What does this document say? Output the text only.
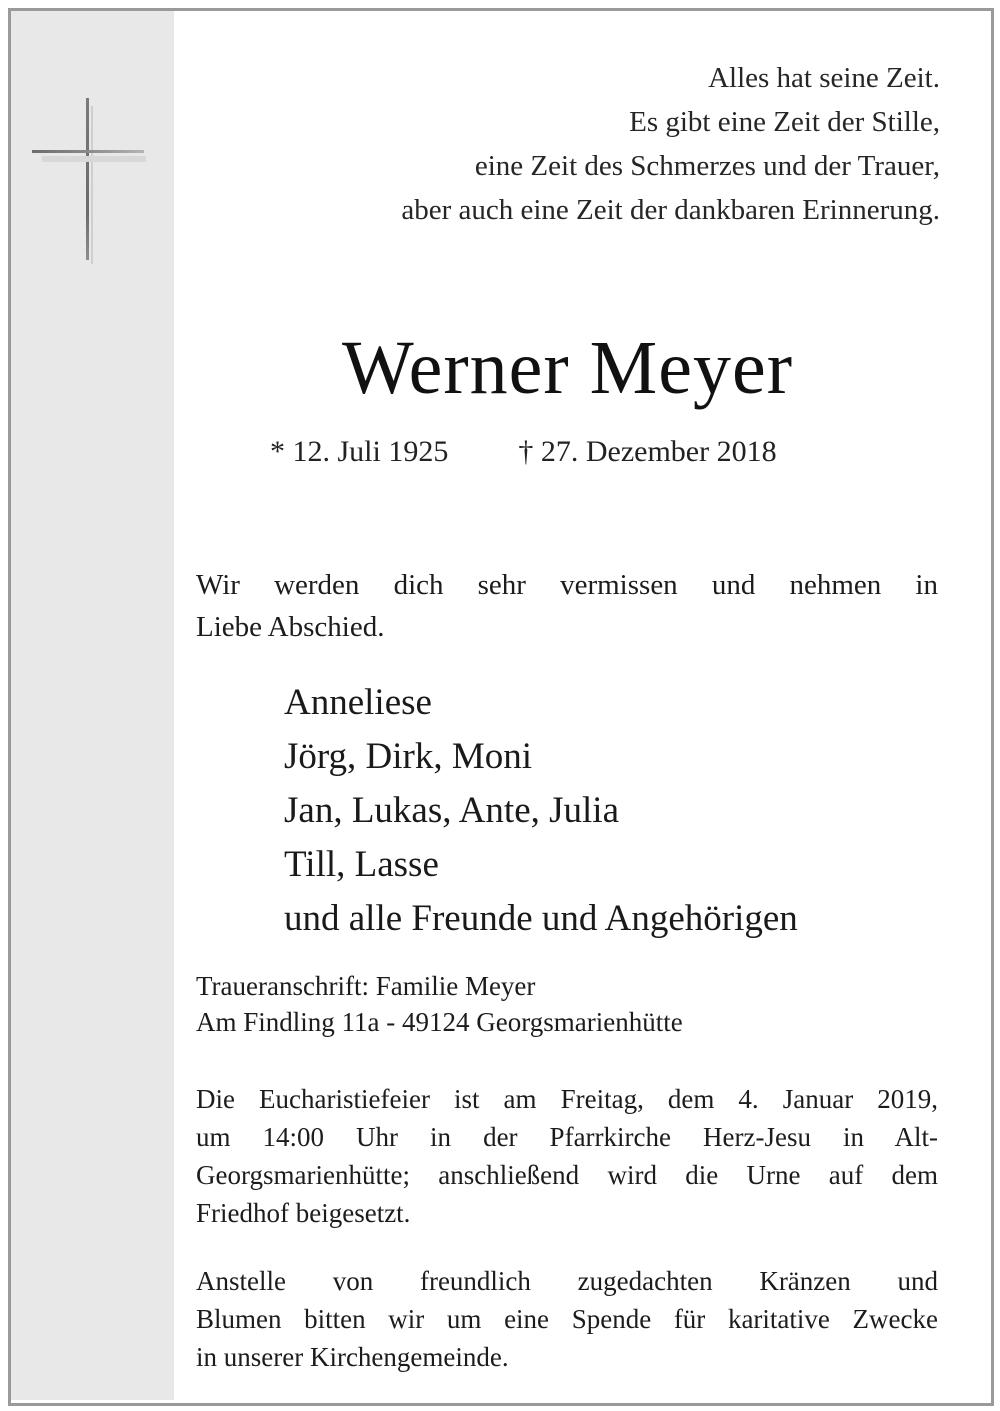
Alles hat seine Zeit.
Es gibt eine Zeit der Stille,
eine Zeit des Schmerzes und der Trauer,
aber auch eine Zeit der dankbaren Erinnerung.
Werner Meyer
* 12. Juli 1925 † 27. Dezember 2018
Wir werden dich sehr vermissen und nehmen in
Liebe Abschied.
Anneliese
Jörg, Dirk, Moni
Jan, Lukas, Ante, Julia
Till, Lasse
und alle Freunde und Angehörigen
Traueranschrift: Familie Meyer
Am Findling 11a - 49124 Georgsmarienhütte
Die Eucharistiefeier ist am Freitag, dem 4. Januar 2019,
um 14:00 Uhr in der Pfarrkirche Herz-Jesu in Alt-
Georgsmarienhütte; anschließend wird die Urne auf dem
Friedhof beigesetzt.
Anstelle von freundlich zugedachten Kränzen und
Blumen bitten wir um eine Spende für karitative Zwecke
in unserer Kirchengemeinde.
